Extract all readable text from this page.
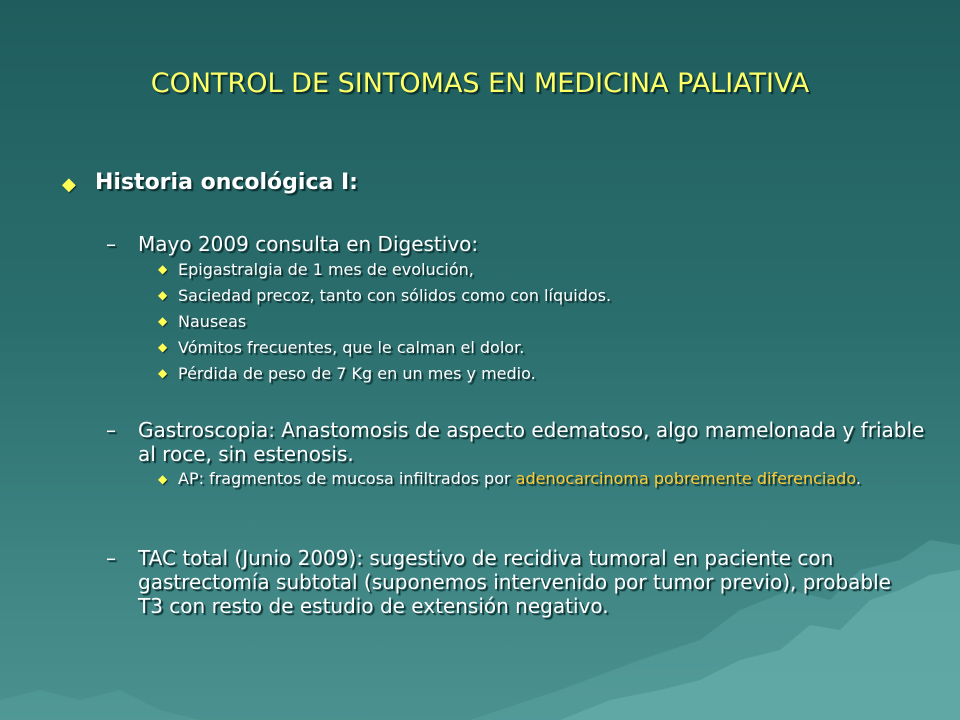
CONTROL DE SINTOMAS EN MEDICINA PALIATIVA
◆ Historia oncológica I:
– Mayo 2009 consulta en Digestivo:
◆ Epigastralgia de 1 mes de evolución,
◆ Saciedad precoz, tanto con sólidos como con líquidos.
◆ Nauseas
◆ Vómitos frecuentes, que le calman el dolor.
◆ Pérdida de peso de 7 Kg en un mes y medio.
– Gastroscopia: Anastomosis de aspecto edematoso, algo mamelonada y friable al roce, sin estenosis.
◆ AP: fragmentos de mucosa infiltrados por adenocarcinoma pobremente diferenciado.
– TAC total (Junio 2009): sugestivo de recidiva tumoral en paciente con gastrectomía subtotal (suponemos intervenido por tumor previo), probable T3 con resto de estudio de extensión negativo.
